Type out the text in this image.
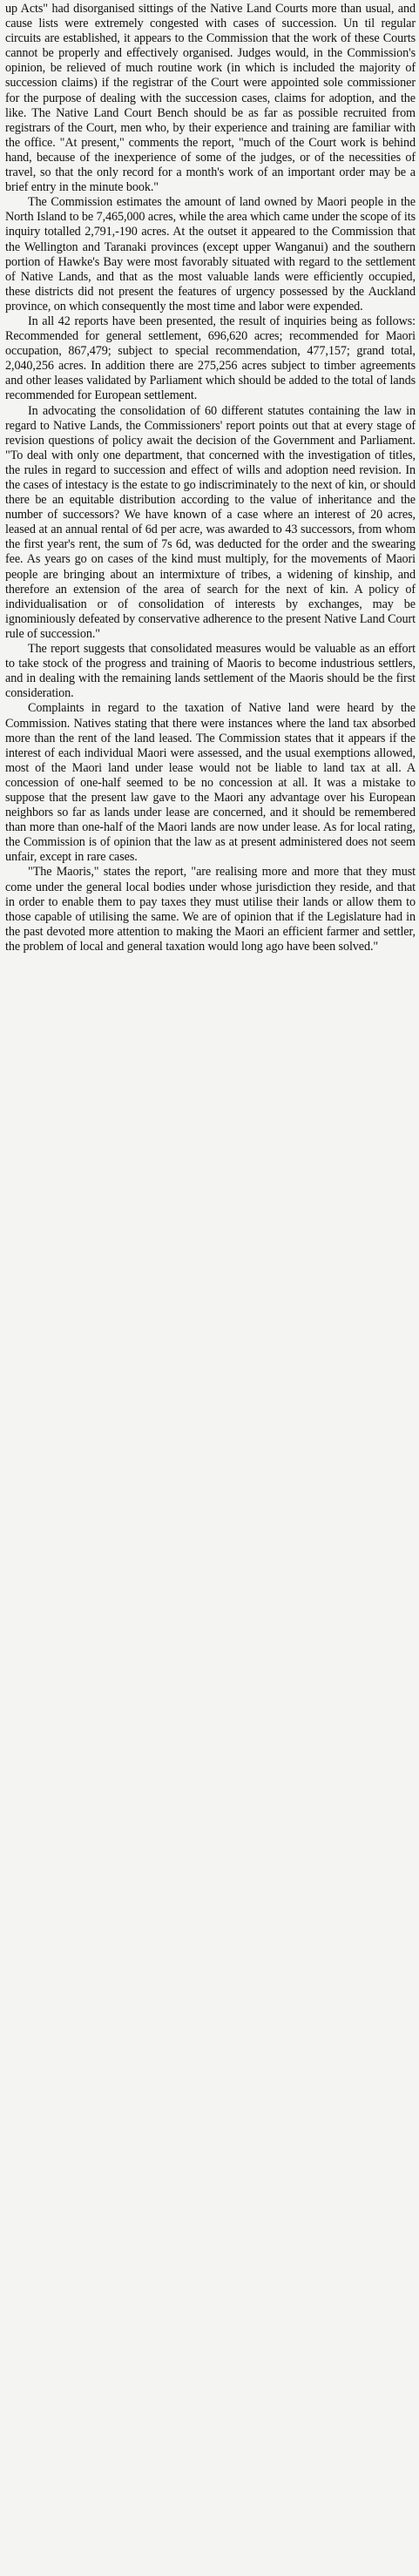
up Acts" had disorganised sittings of the Native Land Courts more than usual, and cause lists were extremely congested with cases of succession. Un til regular circuits are established, it appears to the Commission that the work of these Courts cannot be properly and effectively organised. Judges would, in the Commission's opinion, be relieved of much routine work (in which is included the majority of succession claims) if the registrar of the Court were appointed sole commissioner for the purpose of dealing with the succession cases, claims for adoption, and the like. The Native Land Court Bench should be as far as possible recruited from registrars of the Court, men who, by their experience and training are familiar with the office. "At present," comments the report, "much of the Court work is behind hand, because of the inexperience of some of the judges, or of the necessities of travel, so that the only record for a month's work of an important order may be a brief entry in the minute book."

The Commission estimates the amount of land owned by Maori people in the North Island to be 7,465,000 acres, while the area which came under the scope of its inquiry totalled 2,791,-190 acres. At the outset it appeared to the Commission that the Wellington and Taranaki provinces (except upper Wanganui) and the southern portion of Hawke's Bay were most favorably situated with regard to the settlement of Native Lands, and that as the most valuable lands were efficiently occupied, these districts did not present the features of urgency possessed by the Auckland province, on which consequently the most time and labor were expended.

In all 42 reports have been presented, the result of inquiries being as follows: Recommended for general settlement, 696,620 acres; recommended for Maori occupation, 867,479; subject to special recommendation, 477,157; grand total, 2,040,256 acres. In addition there are 275,256 acres subject to timber agreements and other leases validated by Parliament which should be added to the total of lands recommended for European settlement.

In advocating the consolidation of 60 different statutes containing the law in regard to Native Lands, the Commissioners' report points out that at every stage of revision questions of policy await the decision of the Government and Parliament. "To deal with only one department, that concerned with the investigation of titles, the rules in regard to succession and effect of wills and adoption need revision. In the cases of intestacy is the estate to go indiscriminately to the next of kin, or should there be an equitable distribution according to the value of inheritance and the number of successors? We have known of a case where an interest of 20 acres, leased at an annual rental of 6d per acre, was awarded to 43 successors, from whom the first year's rent, the sum of 7s 6d, was deducted for the order and the swearing fee. As years go on cases of the kind must multiply, for the movements of Maori people are bringing about an intermixture of tribes, a widening of kinship, and therefore an extension of the area of search for the next of kin. A policy of individualisation or of consolidation of interests by exchanges, may be ignominiously defeated by conservative adherence to the present Native Land Court rule of succession."

The report suggests that consolidated measures would be valuable as an effort to take stock of the progress and training of Maoris to become industrious settlers, and in dealing with the remaining lands settlement of the Maoris should be the first consideration.

Complaints in regard to the taxation of Native land were heard by the Commission. Natives stating that there were instances where the land tax absorbed more than the rent of the land leased. The Commission states that it appears if the interest of each individual Maori were assessed, and the usual exemptions allowed, most of the Maori land under lease would not be liable to land tax at all. A concession of one-half seemed to be no concession at all. It was a mistake to suppose that the present law gave to the Maori any advantage over his European neighbors so far as lands under lease are concerned, and it should be remembered than more than one-half of the Maori lands are now under lease. As for local rating, the Commission is of opinion that the law as at present administered does not seem unfair, except in rare cases.

"The Maoris," states the report, "are realising more and more that they must come under the general local bodies under whose jurisdiction they reside, and that in order to enable them to pay taxes they must utilise their lands or allow them to those capable of utilising the same. We are of opinion that if the Legislature had in the past devoted more attention to making the Maori an efficient farmer and settler, the problem of local and general taxation would long ago have been solved."
